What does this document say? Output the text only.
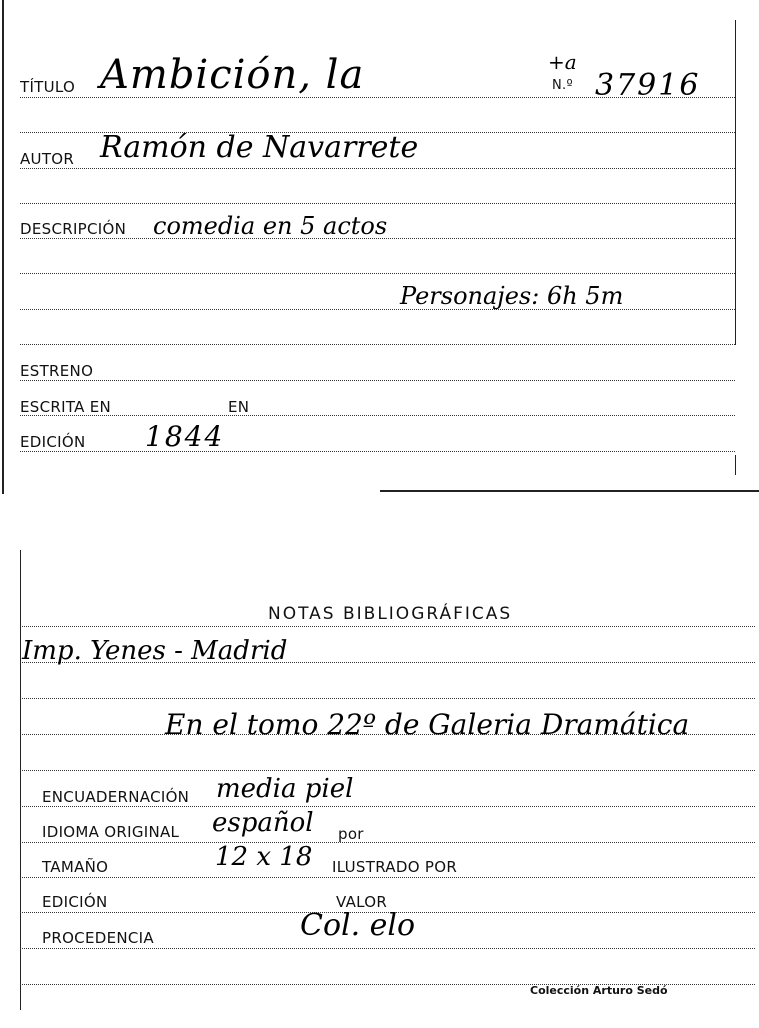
TÍTULO Ambición, la	+a
N.º 37916
AUTOR Ramón de Navarrete
DESCRIPCIÓN comedia en 5 actos
Personajes: 6h 5m
ESTRENO
ESCRITA EN	EN
EDICIÓN 1844
NOTAS BIBLIOGRÁFICAS
Imp. Yenes - Madrid
En el tomo 22º de Galeria Dramática
ENCUADERNACIÓN media piel
IDIOMA ORIGINAL español por
TAMAÑO	12 x 18 ILUSTRADO POR
EDICIÓN	VALOR
PROCEDENCIA	Col. elo
Colección Arturo Sedó
